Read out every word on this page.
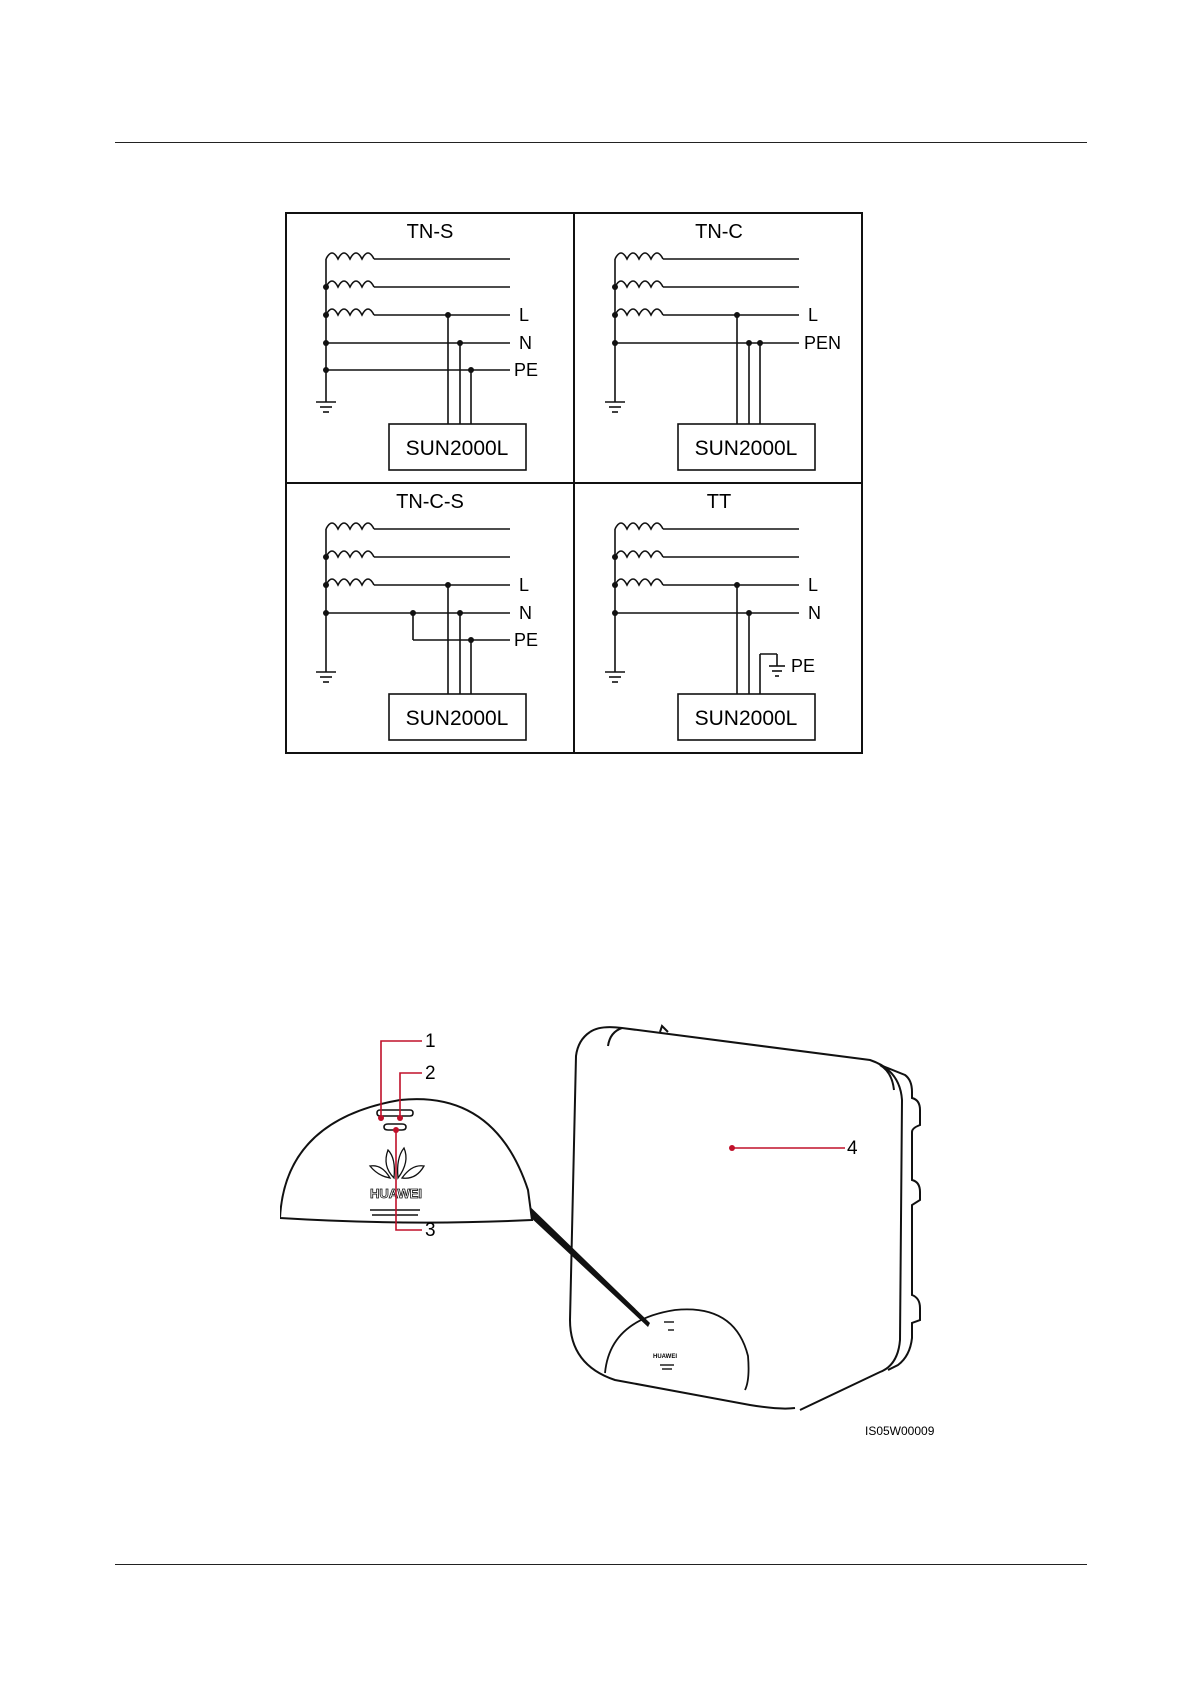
TN-S
L
N
PE
SUN2000L
TN-C
L
PEN
SUN2000L
TN-C-S
L
N
PE
SUN2000L
TT
L
N
PE
SUN2000L
HUAWEI
HUAWEI
1
2
3
4
IS05W00009
